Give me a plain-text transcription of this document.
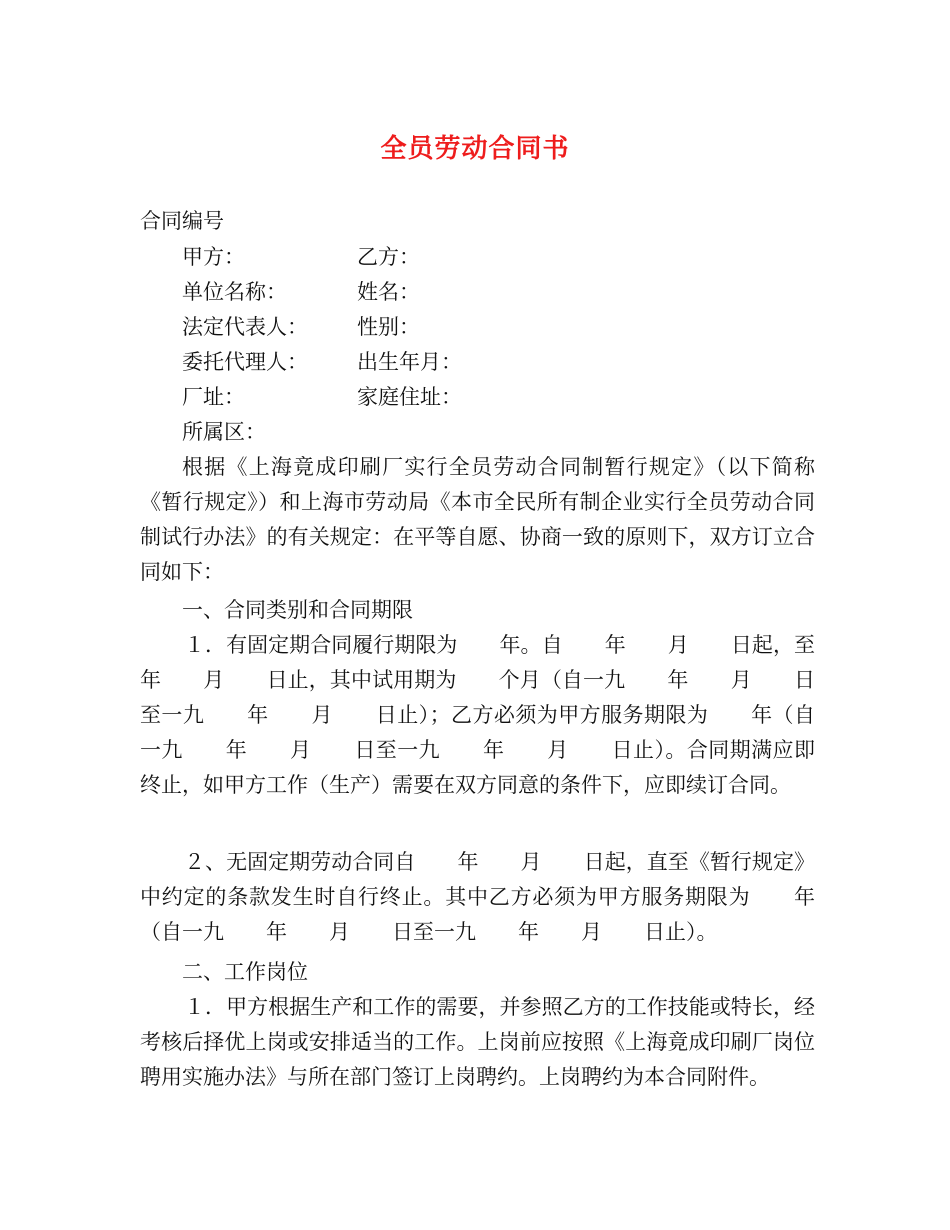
全员劳动合同书

合同编号

甲方：	乙方：

单位名称：	姓名：

法定代表人： 性别：

委托代理人： 出生年月：

厂址：	家庭住址：

所属区：

根据《上海竟成印刷厂实行全员劳动合同制暂行规定》（以下简称《暂行规定》）和上海市劳动局《本市全民所有制企业实行全员劳动合同制试行办法》的有关规定：在平等自愿、协商一致的原则下，双方订立合同如下：

一、合同类别和合同期限

１．有固定期合同履行期限为　　年。自　　年　　月　　日起，至　　年　　月　　日止，其中试用期为　　个月（自一九　　年　　月　　日至一九　　年　　月　　日止）；乙方必须为甲方服务期限为　　年（自一九　　年　　月　　日至一九　　年　　月　　日止）。合同期满应即终止，如甲方工作（生产）需要在双方同意的条件下，应即续订合同。

２、无固定期劳动合同自　　年　　月　　日起，直至《暂行规定》中约定的条款发生时自行终止。其中乙方必须为甲方服务期限为　　年（自一九　　年　　月　　日至一九　　年　　月　　日止）。

二、工作岗位

１．甲方根据生产和工作的需要，并参照乙方的工作技能或特长，经考核后择优上岗或安排适当的工作。上岗前应按照《上海竟成印刷厂岗位聘用实施办法》与所在部门签订上岗聘约。上岗聘约为本合同附件。
